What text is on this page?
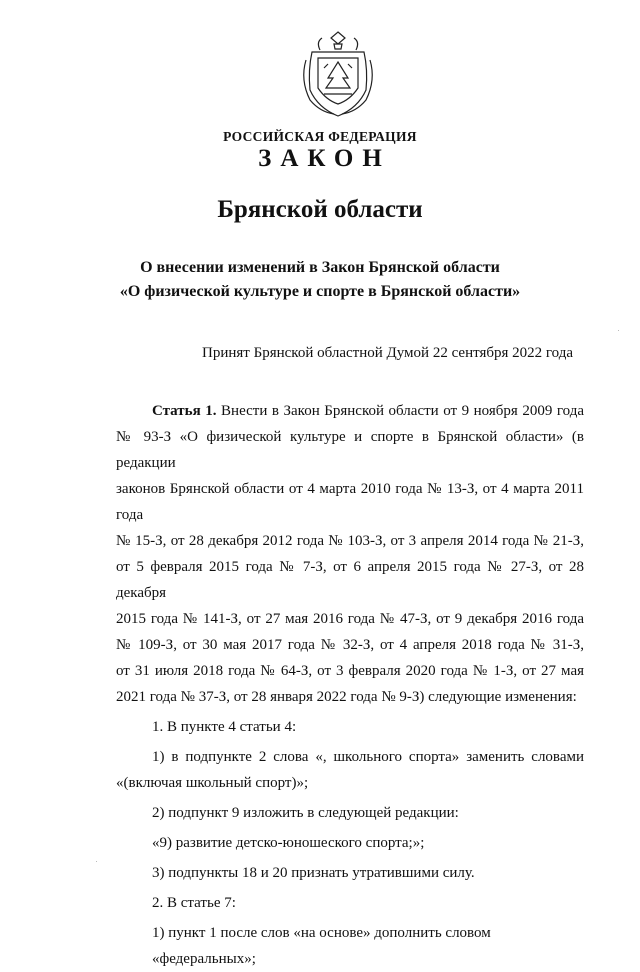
РОССИЙСКАЯ ФЕДЕРАЦИЯ
ЗАКОН
Брянской области
О внесении изменений в Закон Брянской области
«О физической культуре и спорте в Брянской области»
Принят Брянской областной Думой 22 сентября 2022 года
Статья 1. Внести в Закон Брянской области от 9 ноября 2009 года
№ 93-З «О физической культуре и спорте в Брянской области» (в редакции
законов Брянской области от 4 марта 2010 года № 13-З, от 4 марта 2011 года
№ 15-З, от 28 декабря 2012 года № 103-З, от 3 апреля 2014 года № 21-З,
от 5 февраля 2015 года № 7-З, от 6 апреля 2015 года № 27-З, от 28 декабря
2015 года № 141-З, от 27 мая 2016 года № 47-З, от 9 декабря 2016 года
№ 109-З, от 30 мая 2017 года № 32-З, от 4 апреля 2018 года № 31-З,
от 31 июля 2018 года № 64-З, от 3 февраля 2020 года № 1-З, от 27 мая
2021 года № 37-З, от 28 января 2022 года № 9-З) следующие изменения:
1. В пункте 4 статьи 4:
1) в подпункте 2 слова «, школьного спорта» заменить словами
«(включая школьный спорт)»;
2) подпункт 9 изложить в следующей редакции:
«9) развитие детско-юношеского спорта;»;
3) подпункты 18 и 20 признать утратившими силу.
2. В статье 7:
1) пункт 1 после слов «на основе» дополнить словом «федеральных»;
